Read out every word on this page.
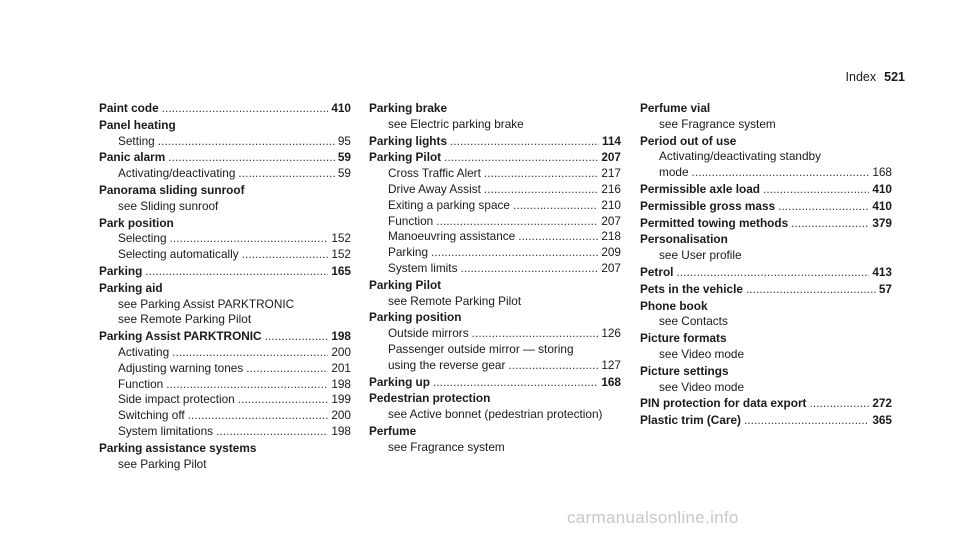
Index 521
Paint code . . .	410
Panel heating
Setting . . .	95
Panic alarm . . .	59
Activating/deactivating . . .	59
Panorama sliding sunroof
see Sliding sunroof
Park position
Selecting . . .	152
Selecting automatically . . .	152
Parking . . .	165
Parking aid
see Parking Assist PARKTRONIC
see Remote Parking Pilot
Parking Assist PARKTRONIC . . .	198
Activating . . .	200
Adjusting warning tones . . .	201
Function . . .	198
Side impact protection . . .	199
Switching off . . .	200
System limitations . . .	198
Parking assistance systems
see Parking Pilot
Parking brake
see Electric parking brake
Parking lights . . .	114
Parking Pilot . . .	207
Cross Traffic Alert . . .	217
Drive Away Assist . . .	216
Exiting a parking space . . .	210
Function . . .	207
Manoeuvring assistance . . .	218
Parking . . .	209
System limits . . .	207
Parking Pilot
see Remote Parking Pilot
Parking position
Outside mirrors . . .	126
Passenger outside mirror — storing
using the reverse gear . . .	127
Parking up . . .	168
Pedestrian protection
see Active bonnet (pedestrian protection)
Perfume
see Fragrance system
Perfume vial
see Fragrance system
Period out of use
Activating/deactivating standby
mode . . .	168
Permissible axle load . . .	410
Permissible gross mass . . .	410
Permitted towing methods . . .	379
Personalisation
see User profile
Petrol . . .	413
Pets in the vehicle . . .	57
Phone book
see Contacts
Picture formats
see Video mode
Picture settings
see Video mode
PIN protection for data export . . .	272
Plastic trim (Care) . . .	365
carmanualsonline.info
